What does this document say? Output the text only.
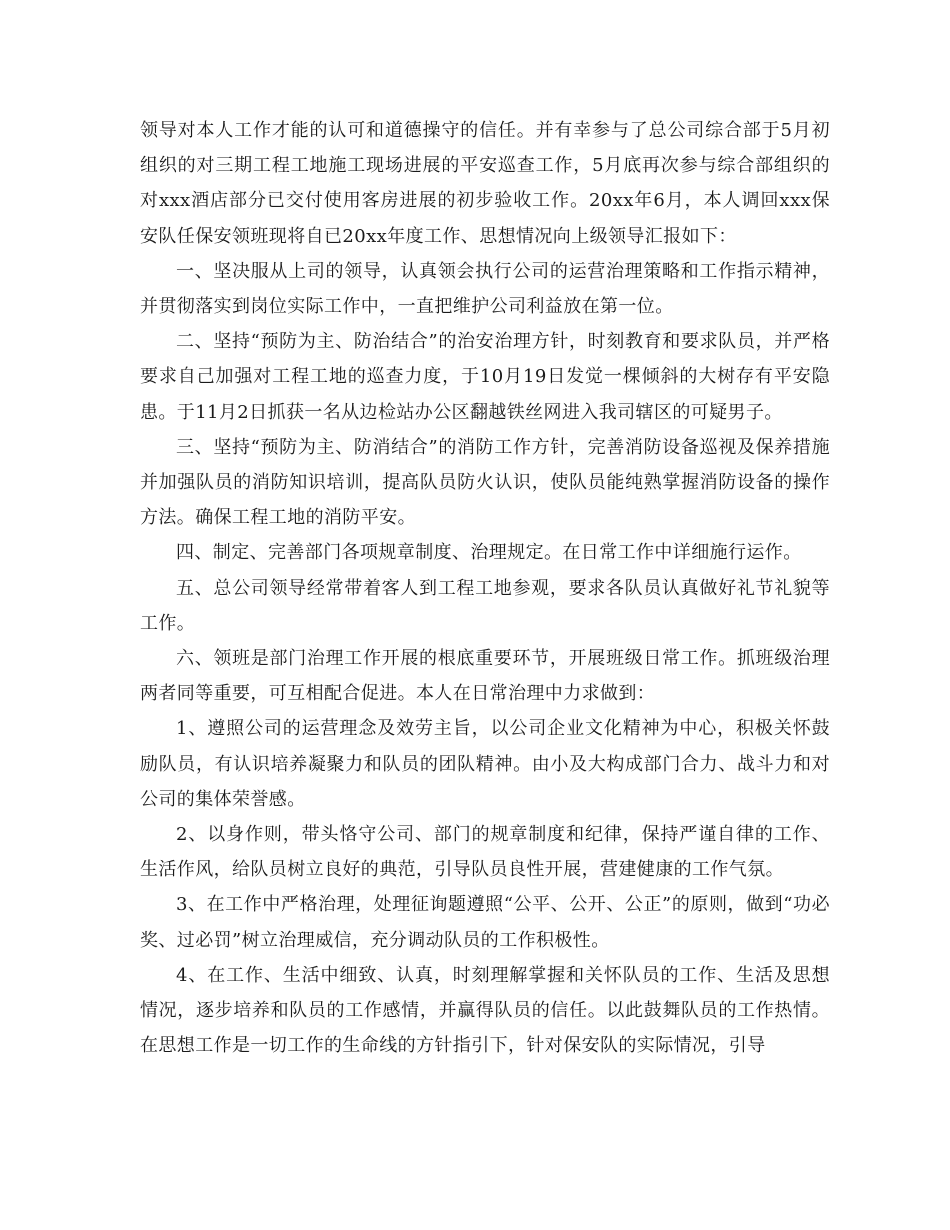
领导对本人工作才能的认可和道德操守的信任。并有幸参与了总公司综合部于5月初组织的对三期工程工地施工现场进展的平安巡查工作，5月底再次参与综合部组织的对xxx酒店部分已交付使用客房进展的初步验收工作。20xx年6月，本人调回xxx保安队任保安领班现将自已20xx年度工作、思想情况向上级领导汇报如下：

一、坚决服从上司的领导，认真领会执行公司的运营治理策略和工作指示精神，并贯彻落实到岗位实际工作中，一直把维护公司利益放在第一位。

二、坚持“预防为主、防治结合”的治安治理方针，时刻教育和要求队员，并严格要求自己加强对工程工地的巡查力度，于10月19日发觉一棵倾斜的大树存有平安隐患。于11月2日抓获一名从边检站办公区翻越铁丝网进入我司辖区的可疑男子。

三、坚持“预防为主、防消结合”的消防工作方针，完善消防设备巡视及保养措施并加强队员的消防知识培训，提高队员防火认识，使队员能纯熟掌握消防设备的操作方法。确保工程工地的消防平安。

四、制定、完善部门各项规章制度、治理规定。在日常工作中详细施行运作。

五、总公司领导经常带着客人到工程工地参观，要求各队员认真做好礼节礼貌等工作。

六、领班是部门治理工作开展的根底重要环节，开展班级日常工作。抓班级治理两者同等重要，可互相配合促进。本人在日常治理中力求做到：

1、遵照公司的运营理念及效劳主旨，以公司企业文化精神为中心，积极关怀鼓励队员，有认识培养凝聚力和队员的团队精神。由小及大构成部门合力、战斗力和对公司的集体荣誉感。

2、以身作则，带头恪守公司、部门的规章制度和纪律，保持严谨自律的工作、生活作风，给队员树立良好的典范，引导队员良性开展，营建健康的工作气氛。

3、在工作中严格治理，处理征询题遵照“公平、公开、公正”的原则，做到“功必奖、过必罚”树立治理威信，充分调动队员的工作积极性。

4、在工作、生活中细致、认真，时刻理解掌握和关怀队员的工作、生活及思想情况，逐步培养和队员的工作感情，并赢得队员的信任。以此鼓舞队员的工作热情。在思想工作是一切工作的生命线的方针指引下，针对保安队的实际情况，引导
